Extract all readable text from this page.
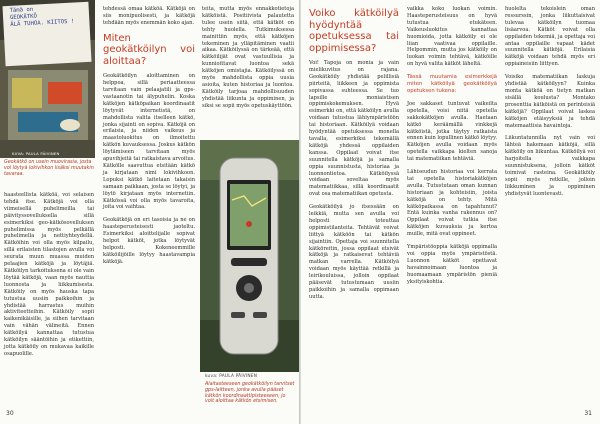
Tämä on
GEOKÄTKÖ
ÄLÄ TUHOA. KIITOS !
KUVA: PAULA PÄIVINEN
Geokätkö on usein muovirasia, josta voi löytyä lokivihkon lisäksi muutakin tavaraa.

haasteellista kätköä, voi selaisen tehdä itse. Kätköjä voi olla viimeisellä puhelimeilla tai päivityssovelluksella sillä esimerkiksi geo-kätkösovelluksen puhelimissa myös pelkällä puhelimella ja nettiyhteydellä. Kätköihin voi olla myös kilpailu, sillä erilaisten tilastojen avulla voi seurata muun muassa muiden pelaajien kätköjä ja löytäjiä. Kätköilyn tarkoituksena ei ole vain löytää kätköjä, vaan myös nauttia luonnosta ja liikkumisesta. Kätköily on myös hauska tapa tutustua uusiin paikkoihin ja yhdistää harrastus muihin aktiviteetteihin. Kätköily sopii kaikenikäisille, ja siihen tarvitaan vain vähän välineitä. Ennen kätköilyä kannattaa tutustua kätköilyn sääntöihin ja etikettiin, jotta kätköily on mukavaa kaikille osapuolille.

tehdessä omaa kätköä. Kätköjä on siis monipuolisesti, ja kätköjä tehdään myös enemmän koko ajan.

Miten geokätköilyn voi aloittaa?

Geokätköilyn aloittaminen on helppoa, sillä periaatteessa tarvitaan vain pelaajatili ja gps-vastaanotin tai älypuhelin. Koska kätköjen kätköpaikan koordinaatit löytyvät internetistä, on mahdollista valita itselleen kätkö, jonka sijainti on sopiva. Kätköjä on erilaisia, ja niiden vaikeus ja maastoluokitus on ilmoitettu kätkön kuvauksessa. Joskus kätkön löytämiseen tarvitaan myös apuvihjeitä tai ratkaistava arvoitus. Kätkölle saavuttua etsitään kätkö ja kirjataan nimi lokivihkoon. Lopuksi kätkö laitetaan takaisin samaan paikkaan, josta se löytyi, ja löytö kirjataan myös internetiin. Kätkössä voi olla myös tavaroita, joita voi vaihtaa.

Geokätköjä on eri tasoisia ja ne on haasteperusteisesti jaoteltu. Esimerkiksi aloittelijalle sopivat helpot kätköt, jotka löytyvät helposti. Kokeneemmille kätköilijöille löytyy haastavampia kätköjä.

teita, mutta myös ennakkotietoja kätköistä. Positiivista palautetta tulee usein siitä, että kätköt on tehty huolella. Tutkimuksessa mainittiin myös, että kätköjen tekeminen ja ylläpitäminen vaatii aikaa. Kätköilyssä on tärkeää, että kätköilijät ovat vastuullisia ja kunnioittavat luontoa sekä kätköjen omistajia. Kätköilyssä on myös mahdollista oppia uusia asioita, kuten historiaa ja luontoa. Kätköily tarjoaa mahdollisuuden yhdistää liikunta ja oppiminen, ja siksi se sopii myös opetuskäyttöön.

kuva: PAULA PÄIVINEN
Alaitasteeseen geokätköilyn tarvitset gps-laitteen, jonka avulla pääset kätkön koordinaattipisteeseen; jo voit aloittaa kätkön etsimisen.
30
Voiko kätköilyä hyödyntää opetuksessa tai oppimisessa?

Voi! Tapoja on monia ja vain mielikuvitus on rajana. Geokätköily yhdistää pelillisiä piirteitä, liikkeen ja oppimista sopivassa suhteessa. Se tuo lapsille moniaistisen oppimiskokemuksen. Hyvä esimerkki on, että kätköilyn avulla voidaan tutustua lähiympäristöön tai historiaan. Kätköilyä voidaan hyödyntää opetuksessa monella tavalla, esimerkiksi tekemällä kätköjä yhdessä oppilaiden kanssa. Oppilaat voivat itse suunnitella kätköjä ja samalla oppia suunnistusta, historiaa ja luonnontietoa. Kätköilyssä voidaan soveltaa myös matematiikkaa, sillä koordinaatit ovat osa matematiikan opetusta.

Geokätköilyä jo itsessään on leikkiä, mutta sen avulla voi helposti toteuttaa oppimistilanteita. Tehtävät voivat liittyä kätköön tai kätkön sijaintiin. Opettaja voi suunnitella kätköreitin, jossa oppilaat etsivät kätköjä ja ratkaisevat tehtäviä matkan varrella. Kätköilyä voidaan myös käyttää retkillä ja leirikouluissa, jolloin oppilaat pääsevät tutustumaan uusiin paikkoihin ja samalla oppimaan uutta.

vaikka koko luokan voimin. Haasteperusteisuus on hyvä tutustua etukäteen. Vaikeusluokitus kannattaa huomioida, jotta kätköily ei ole liian vaativaa oppilaille. Helpommin, mutta jos kätköily on luokan voimin tehtävä, kätköille on hyvä valita kätköt läheltä.

Tässä muutamia esimerkkejä miten kätköilyä geokätköilyä opetuksen tukena:

Joe sakkaset tuntuvat vaikeilta opetella, voisi niitä opetella sakkokätköjen avulla. Haetaan kätkö keräämällä vinkkejä kätköistä, jotka täytyy ratkaista ennen kuin lopullinen kätkö löytyy. Kätköjen avulla voidaan myös opetella vaikkapa kielten sanoja tai matematiikan tehtäviä.

Lähiseudun historiaa voi kerrata tai opetella historiakätköjen avulla. Tutustutaan oman kunnan historiaan ja kohteisiin, joista kätköjä on tehty. Mitä kätköpaikassa on tapahtunut? Entä kuinka vanha rakennus on? Oppilaat voivat tutkia itse kätköjen kuvauksia ja kertoa muille, mitä ovat oppineet.

Ympäristöoppia kätköjä oppimalla voi oppia myös ympäristöstä. Luonnon kätköt opettavat havainnoimaan luontoa ja huomaamaan ympäristön pieniä yksityiskohtia.

huolelta tekoislein oman ressurssin, jonka liikuttaisivat tulevaa kätköilyn tuomaa lisäarvoa. Kätköt voivat olla oppilaiden tekemiä, ja opettaja voi antaa oppilaille vapaat kädet suunnitella kätköjä. Erilaisia kätköjä voidaan tehdä myös eri oppiaineisiin liittyen.

Voisiko matematiikan laskuja yhdistää kätköilyyn? Kuinka monta kätköä on tietyn matkan sisällä koulusta? Montako prosenttia kätköistä on perinteisiä kätköjä? Oppilaat voivat laskea kätköjen etäisyyksiä ja tehdä matemaattisia havaintoja.

Liikuntatunnilla nyt vain voi lähteä hakemaan kätköjä, sillä kätköily on liikuntaa. Kätköilyä voi harjoitella vaikkapa suunnistuksena, jolloin kätköt toimivat rasteina. Geokätköily sopii myös retkille, jolloin liikkuminen ja oppiminen yhdistyvät luontevasti.

31
